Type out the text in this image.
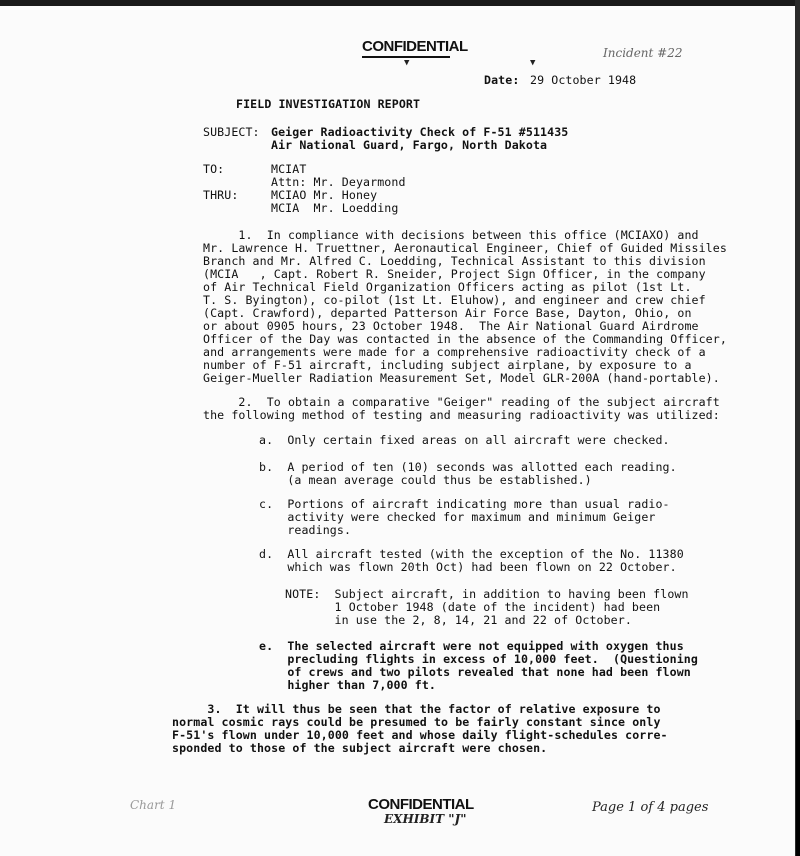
CONFIDENTIAL	Incident #22
▼	▼
Date: 29 October 1948
FIELD INVESTIGATION REPORT
SUBJECT: Geiger Radioactivity Check of F-51 #511435
Air National Guard, Fargo, North Dakota
TO:	MCIAT
Attn: Mr. Deyarmond
THRU:	MCIAO Mr. Honey
MCIA  Mr. Loedding
1.  In compliance with decisions between this office (MCIAXO) and
Mr. Lawrence H. Truettner, Aeronautical Engineer, Chief of Guided Missiles
Branch and Mr. Alfred C. Loedding, Technical Assistant to this division
(MCIA   , Capt. Robert R. Sneider, Project Sign Officer, in the company
of Air Technical Field Organization Officers acting as pilot (1st Lt.
T. S. Byington), co-pilot (1st Lt. Eluhow), and engineer and crew chief
(Capt. Crawford), departed Patterson Air Force Base, Dayton, Ohio, on
or about 0905 hours, 23 October 1948.  The Air National Guard Airdrome
Officer of the Day was contacted in the absence of the Commanding Officer,
and arrangements were made for a comprehensive radioactivity check of a
number of F-51 aircraft, including subject airplane, by exposure to a
Geiger-Mueller Radiation Measurement Set, Model GLR-200A (hand-portable).
2.  To obtain a comparative "Geiger" reading of the subject aircraft
the following method of testing and measuring radioactivity was utilized:
a.  Only certain fixed areas on all aircraft were checked.
b.  A period of ten (10) seconds was allotted each reading.
(a mean average could thus be established.)
c.  Portions of aircraft indicating more than usual radio-
activity were checked for maximum and minimum Geiger
readings.
d.  All aircraft tested (with the exception of the No. 11380
which was flown 20th Oct) had been flown on 22 October.
NOTE:  Subject aircraft, in addition to having been flown
1 October 1948 (date of the incident) had been
in use the 2, 8, 14, 21 and 22 of October.
e.  The selected aircraft were not equipped with oxygen thus
precluding flights in excess of 10,000 feet.  (Questioning
of crews and two pilots revealed that none had been flown
higher than 7,000 ft.
3.  It will thus be seen that the factor of relative exposure to
normal cosmic rays could be presumed to be fairly constant since only
F-51's flown under 10,000 feet and whose daily flight-schedules corre-
sponded to those of the subject aircraft were chosen.
Chart 1	CONFIDENTIAL
EXHIBIT "J"
Page 1 of 4 pages
